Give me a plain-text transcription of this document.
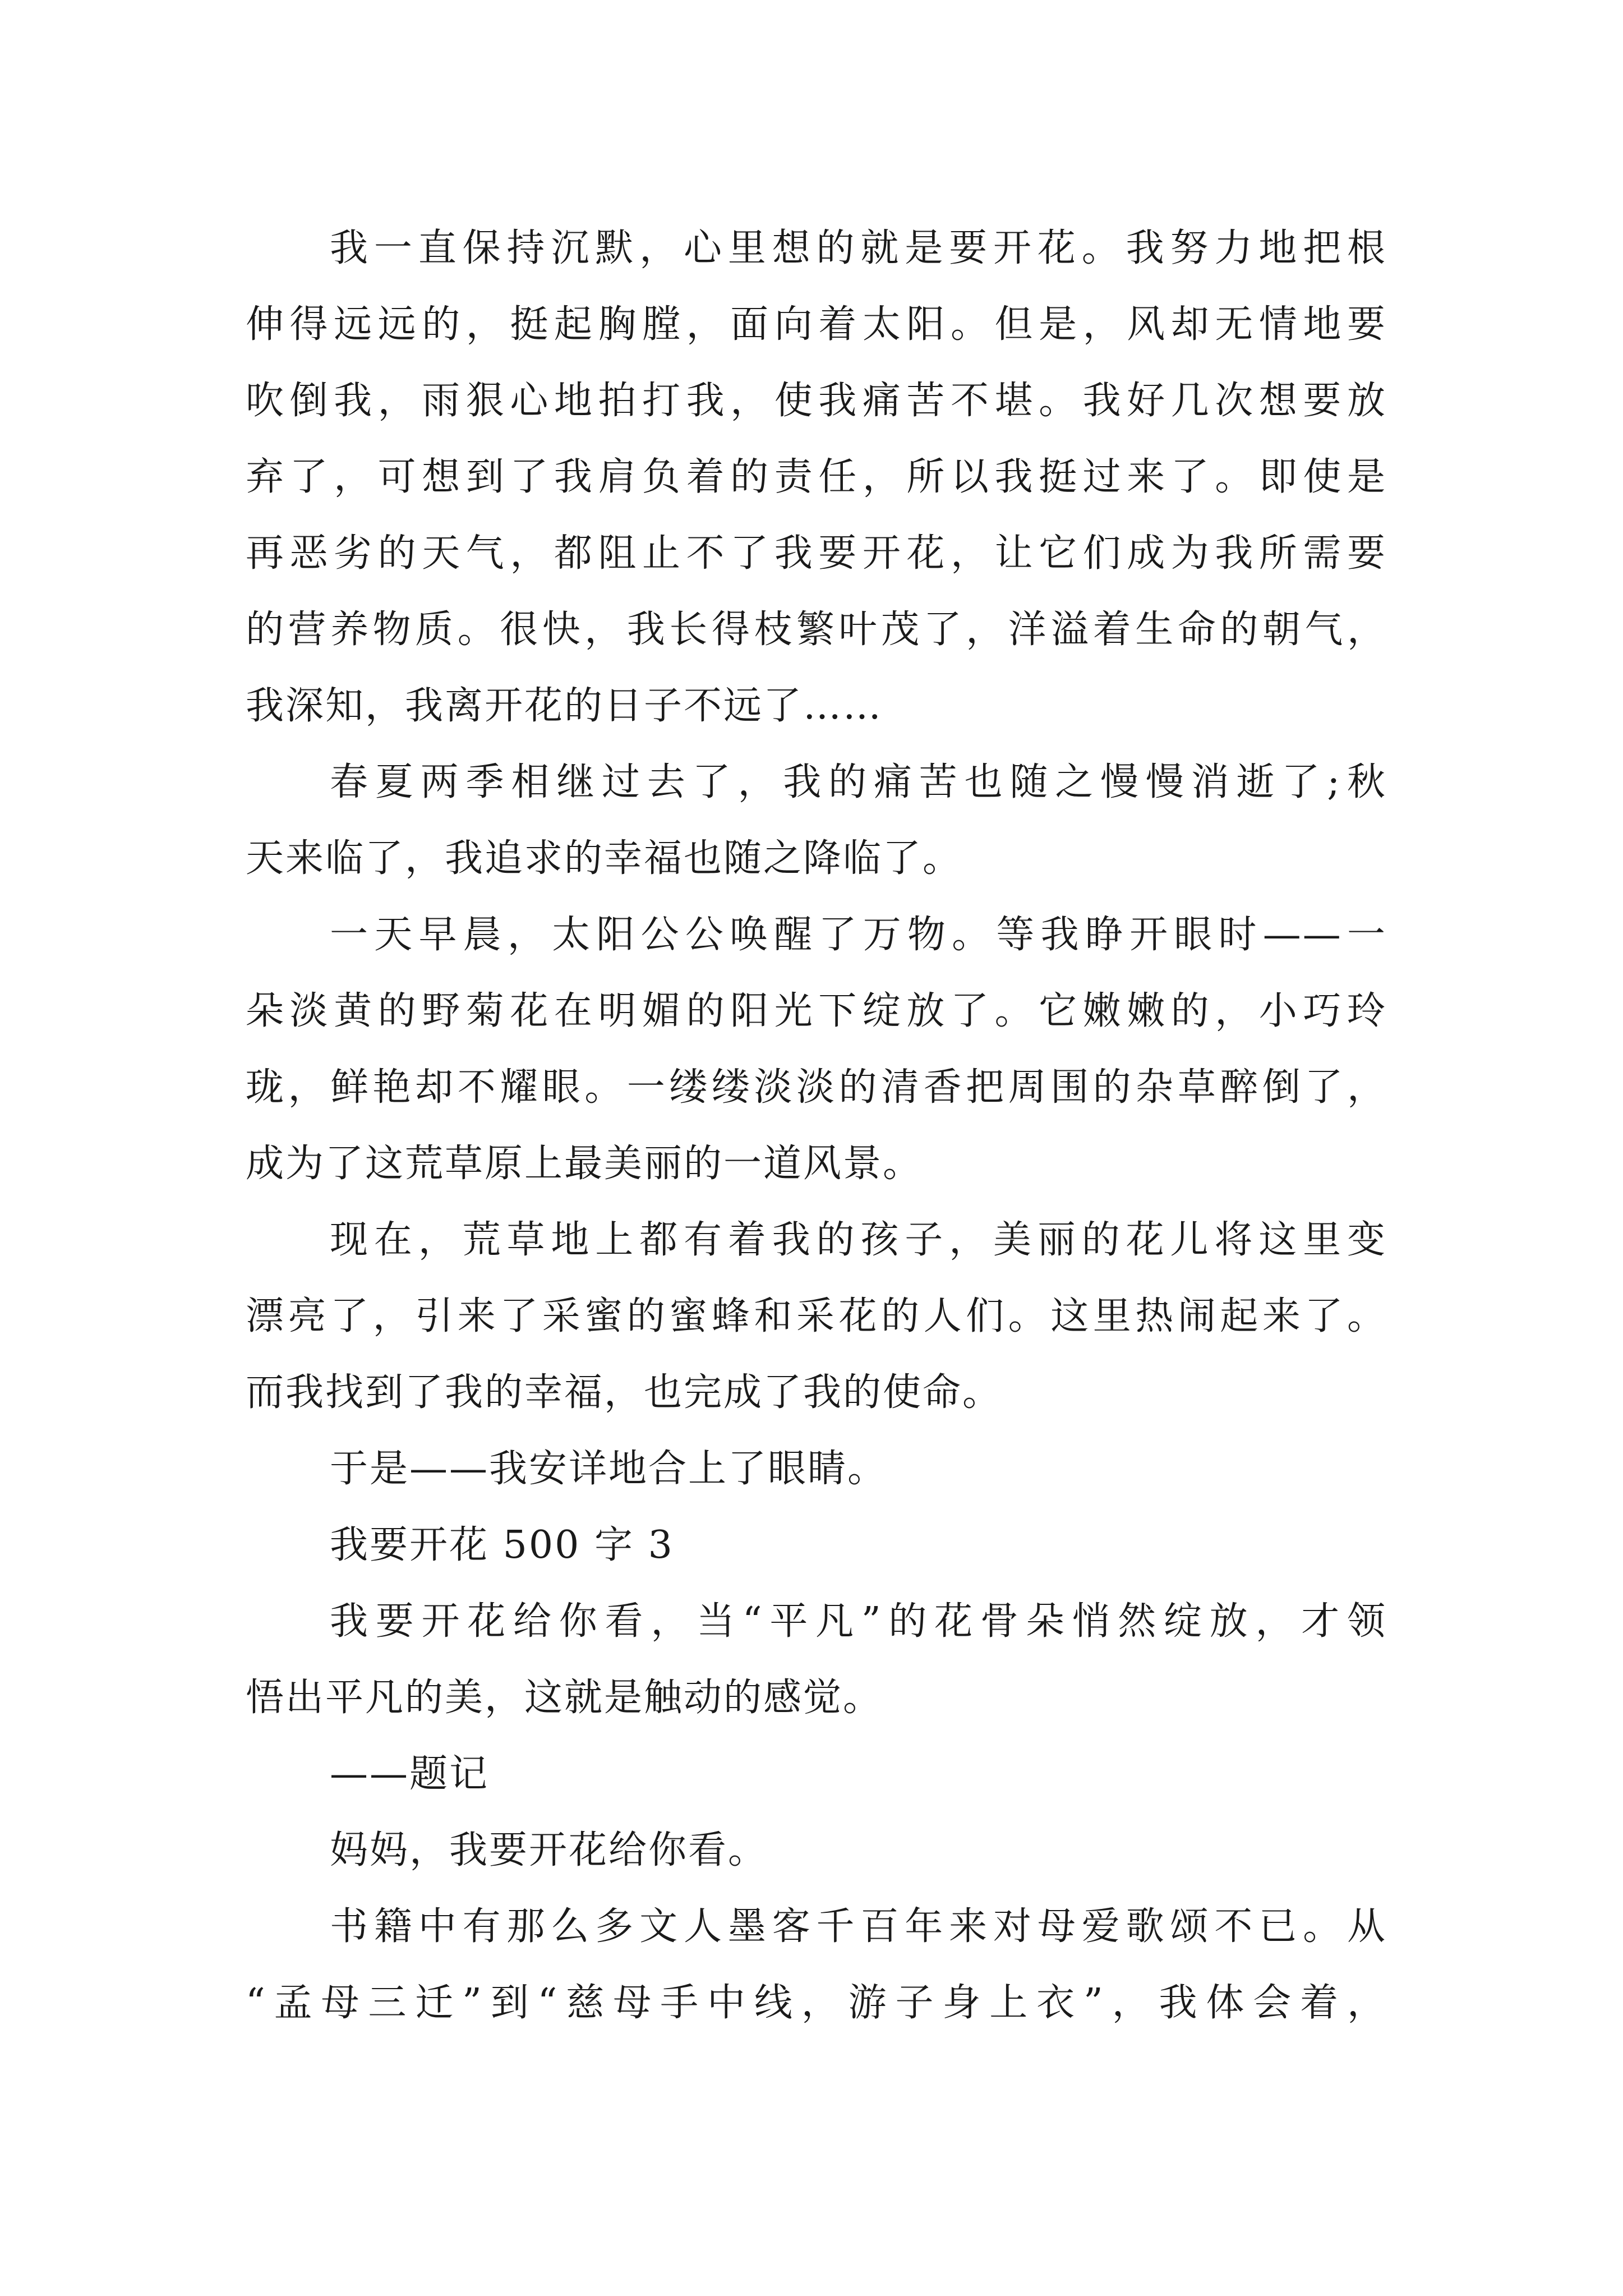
我一直保持沉默，心里想的就是要开花。我努力地把根
伸得远远的，挺起胸膛，面向着太阳。但是，风却无情地要
吹倒我，雨狠心地拍打我，使我痛苦不堪。我好几次想要放
弃了，可想到了我肩负着的责任，所以我挺过来了。即使是
再恶劣的天气，都阻止不了我要开花，让它们成为我所需要
的营养物质。很快，我长得枝繁叶茂了，洋溢着生命的朝气，
我深知，我离开花的日子不远了……
春夏两季相继过去了，我的痛苦也随之慢慢消逝了;秋
天来临了，我追求的幸福也随之降临了。
一天早晨，太阳公公唤醒了万物。等我睁开眼时——一
朵淡黄的野菊花在明媚的阳光下绽放了。它嫩嫩的，小巧玲
珑，鲜艳却不耀眼。一缕缕淡淡的清香把周围的杂草醉倒了，
成为了这荒草原上最美丽的一道风景。
现在，荒草地上都有着我的孩子，美丽的花儿将这里变
漂亮了，引来了采蜜的蜜蜂和采花的人们。这里热闹起来了。
而我找到了我的幸福，也完成了我的使命。
于是——我安详地合上了眼睛。
我要开花 500 字 3
我要开花给你看，当“平凡”的花骨朵悄然绽放，才领
悟出平凡的美，这就是触动的感觉。
——题记
妈妈，我要开花给你看。
书籍中有那么多文人墨客千百年来对母爱歌颂不已。从
“孟母三迁”到“慈母手中线，游子身上衣”，我体会着，
